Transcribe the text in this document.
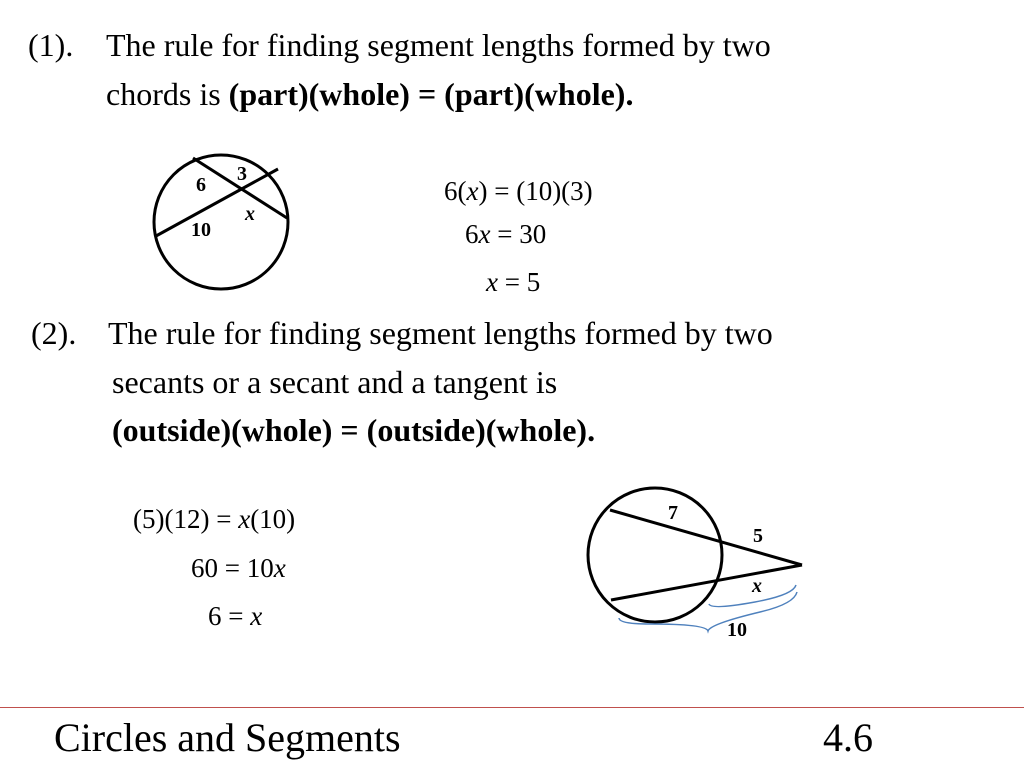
(1). The rule for finding segment lengths formed by two
chords is (part)(whole) = (part)(whole).
6 3
x
10
6(x) = (10)(3)
6x = 30
x = 5
(2). The rule for finding segment lengths formed by two
secants or a secant and a tangent is
(outside)(whole) = (outside)(whole).
(5)(12) = x(10)
60 = 10x
6 = x
7
5
x
10
Circles and Segments	4.6
